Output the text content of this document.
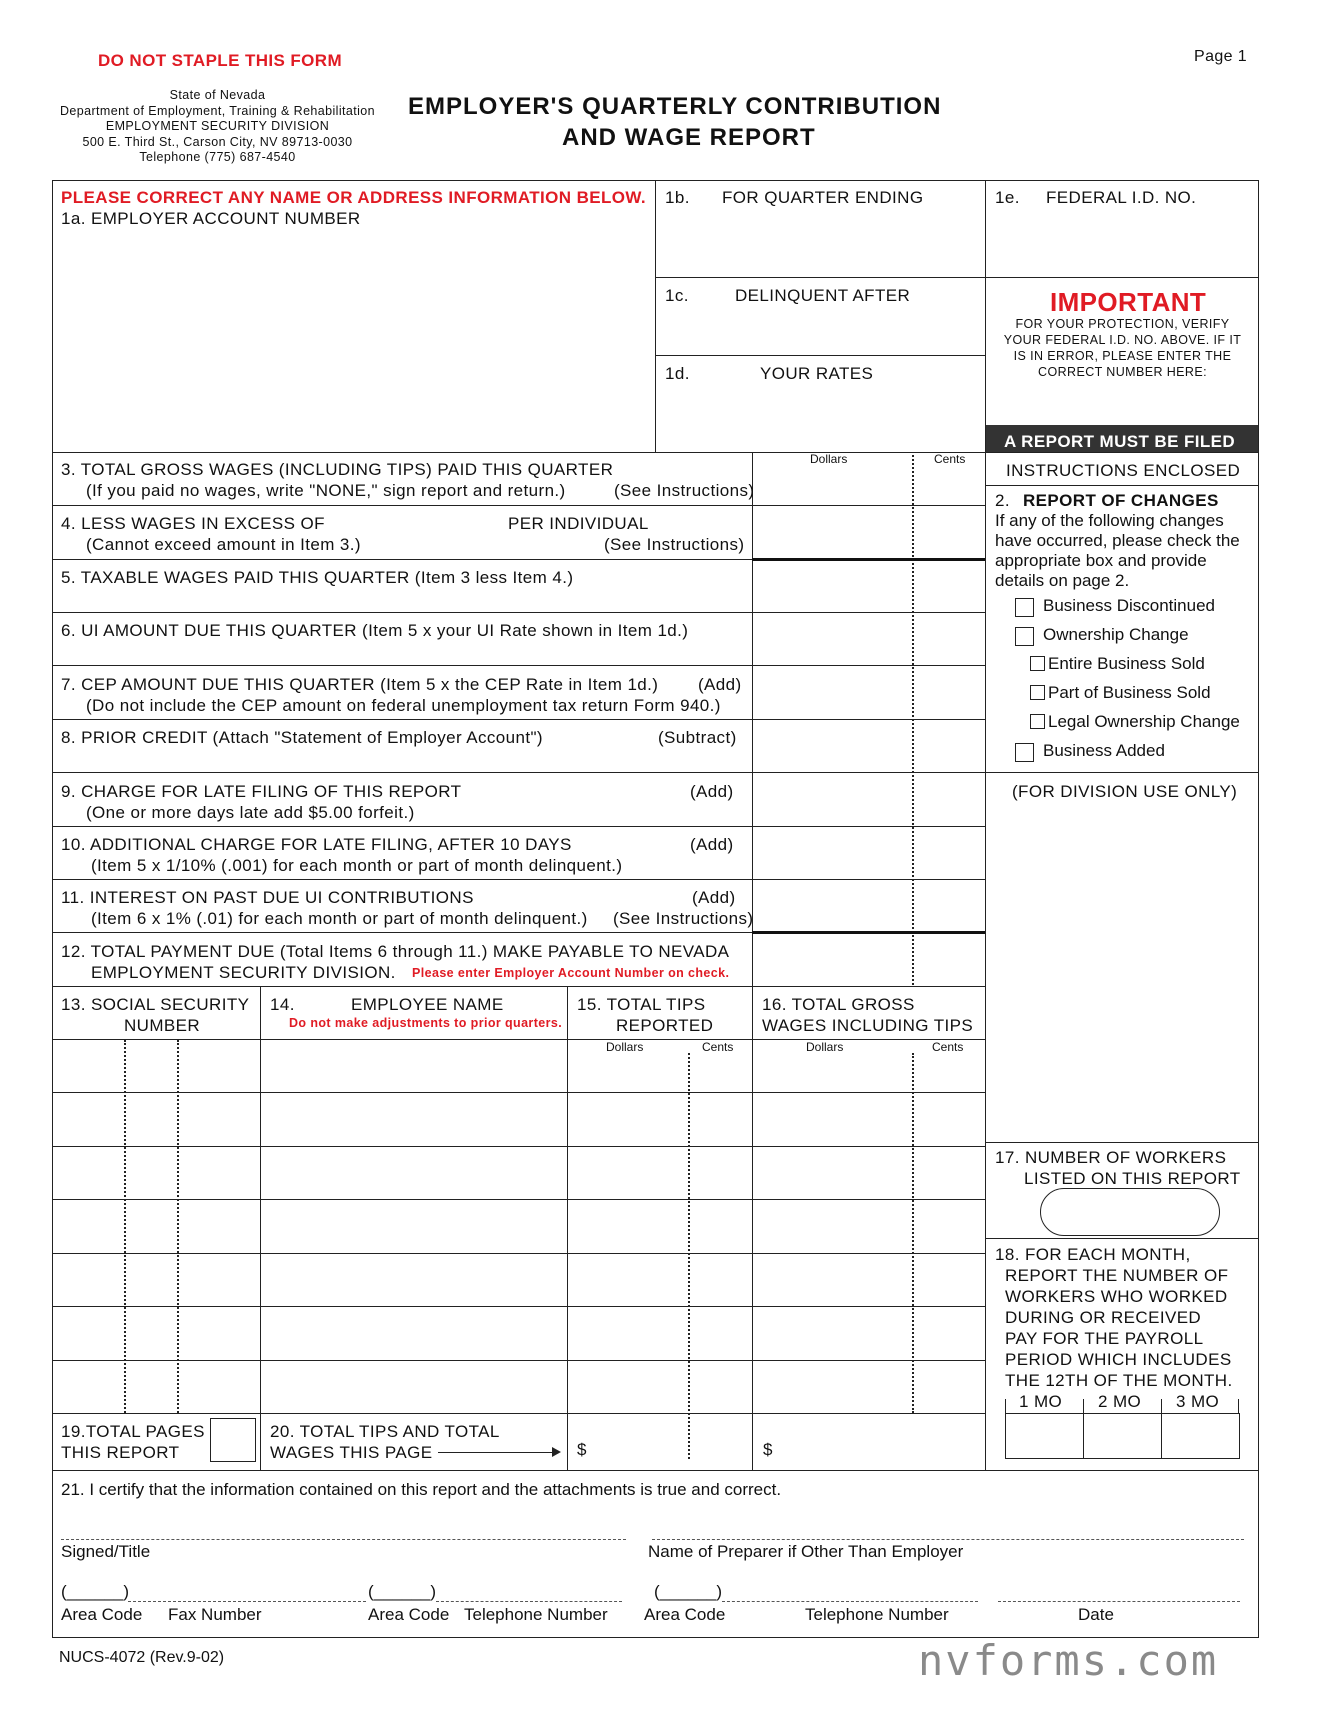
DO NOT STAPLE THIS FORM	Page 1
State of Nevada
Department of Employment, Training & Rehabilitation
EMPLOYMENT SECURITY DIVISION
500 E. Third St., Carson City, NV 89713-0030
Telephone (775) 687-4540
EMPLOYER'S QUARTERLY CONTRIBUTION
AND WAGE REPORT
PLEASE CORRECT ANY NAME OR ADDRESS INFORMATION BELOW.
1a. EMPLOYER ACCOUNT NUMBER
1b. FOR QUARTER ENDING
1c.	DELINQUENT AFTER
1d.	YOUR RATES
1e. FEDERAL I.D. NO.
IMPORTANT
FOR YOUR PROTECTION, VERIFY
YOUR FEDERAL I.D. NO. ABOVE. IF IT
IS IN ERROR, PLEASE ENTER THE
CORRECT NUMBER HERE:
A REPORT MUST BE FILED
INSTRUCTIONS ENCLOSED
Dollars	Cents
3. TOTAL GROSS WAGES (INCLUDING TIPS) PAID THIS QUARTER
(If you paid no wages, write "NONE," sign report and return.)	(See Instructions)
4. LESS WAGES IN EXCESS OF	PER INDIVIDUAL
(Cannot exceed amount in Item 3.)	(See Instructions)
5. TAXABLE WAGES PAID THIS QUARTER (Item 3 less Item 4.)
6. UI AMOUNT DUE THIS QUARTER (Item 5 x your UI Rate shown in Item 1d.)
7. CEP AMOUNT DUE THIS QUARTER (Item 5 x the CEP Rate in Item 1d.) (Add)
(Do not include the CEP amount on federal unemployment tax return Form 940.)
8. PRIOR CREDIT (Attach "Statement of Employer Account")	(Subtract)
9. CHARGE FOR LATE FILING OF THIS REPORT	(Add)
(One or more days late add $5.00 forfeit.)
10. ADDITIONAL CHARGE FOR LATE FILING, AFTER 10 DAYS	(Add)
(Item 5 x 1/10% (.001) for each month or part of month delinquent.)
11. INTEREST ON PAST DUE UI CONTRIBUTIONS	(Add)
(Item 6 x 1% (.01) for each month or part of month delinquent.) (See Instructions)
12. TOTAL PAYMENT DUE (Total Items 6 through 11.) MAKE PAYABLE TO NEVADA
EMPLOYMENT SECURITY DIVISION. Please enter Employer Account Number on check.
2. REPORT OF CHANGES
If any of the following changes
have occurred, please check the
appropriate box and provide
details on page 2.
Business Discontinued
Ownership Change
Entire Business Sold
Part of Business Sold
Legal Ownership Change
Business Added
(FOR DIVISION USE ONLY)
13. SOCIAL SECURITY
NUMBER
14.	EMPLOYEE NAME
Do not make adjustments to prior quarters.
15. TOTAL TIPS
REPORTED
16. TOTAL GROSS
WAGES INCLUDING TIPS
Dollars	Cents	Dollars	Cents
17. NUMBER OF WORKERS
LISTED ON THIS REPORT
18. FOR EACH MONTH,
REPORT THE NUMBER OF
WORKERS WHO WORKED
DURING OR RECEIVED
PAY FOR THE PAYROLL
PERIOD WHICH INCLUDES
THE 12TH OF THE MONTH.
1 MO 2 MO 3 MO
19.TOTAL PAGES
THIS REPORT
20. TOTAL TIPS AND TOTAL
WAGES THIS PAGE	$	$
21. I certify that the information contained on this report and the attachments is true and correct.
Signed/Title	Name of Preparer if Other Than Employer
(______)	(______)	(______)
Area Code Fax Number	Area Code Telephone Number Area Code	Telephone Number	Date
NUCS-4072 (Rev.9-02)	nvforms.com
